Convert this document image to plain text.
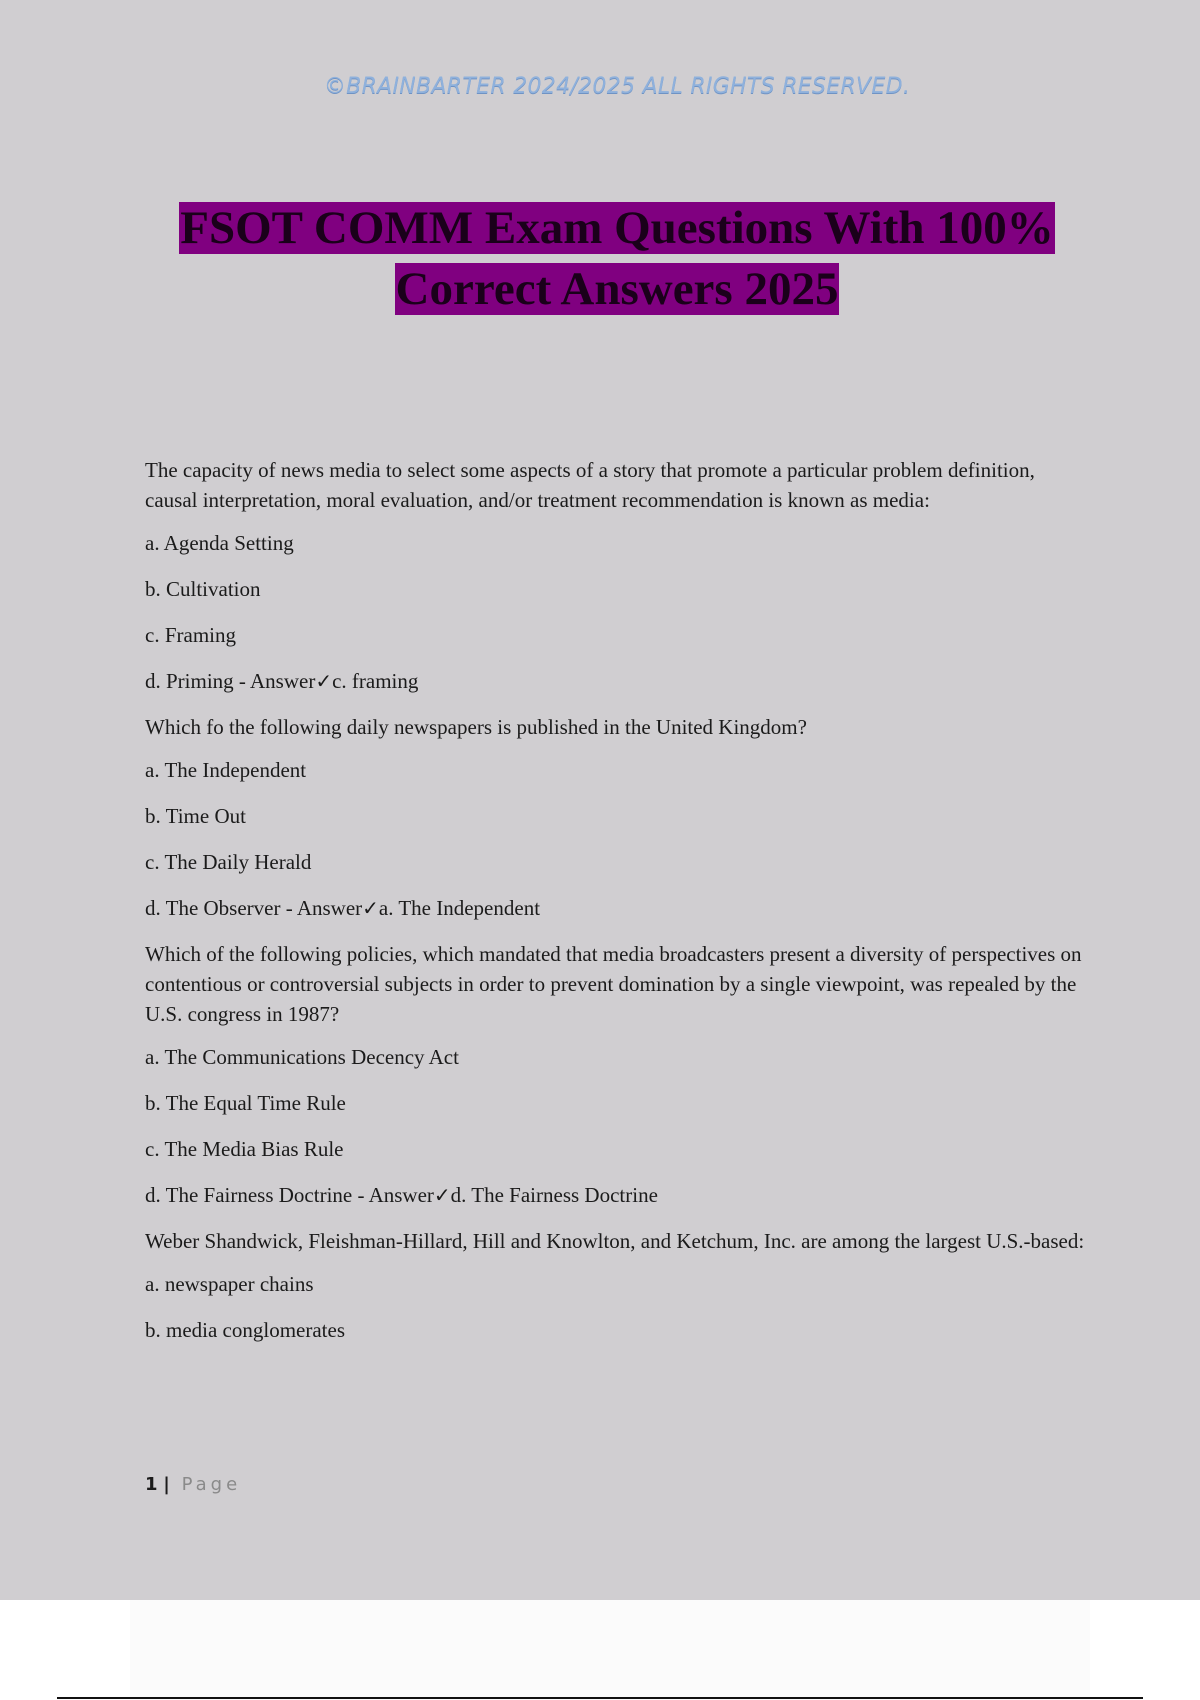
©BRAINBARTER 2024/2025 ALL RIGHTS RESERVED.
FSOT COMM Exam Questions With 100%
Correct Answers 2025
The capacity of news media to select some aspects of a story that promote a particular problem definition, causal interpretation, moral evaluation, and/or treatment recommendation is known as media:
a. Agenda Setting
b. Cultivation
c. Framing
d. Priming - Answer✓c. framing
Which fo the following daily newspapers is published in the United Kingdom?
a. The Independent
b. Time Out
c. The Daily Herald
d. The Observer - Answer✓a. The Independent
Which of the following policies, which mandated that media broadcasters present a diversity of perspectives on contentious or controversial subjects in order to prevent domination by a single viewpoint, was repealed by the U.S. congress in 1987?
a. The Communications Decency Act
b. The Equal Time Rule
c. The Media Bias Rule
d. The Fairness Doctrine - Answer✓d. The Fairness Doctrine
Weber Shandwick, Fleishman-Hillard, Hill and Knowlton, and Ketchum, Inc. are among the largest U.S.-based:
a. newspaper chains
b. media conglomerates
1 | Page
